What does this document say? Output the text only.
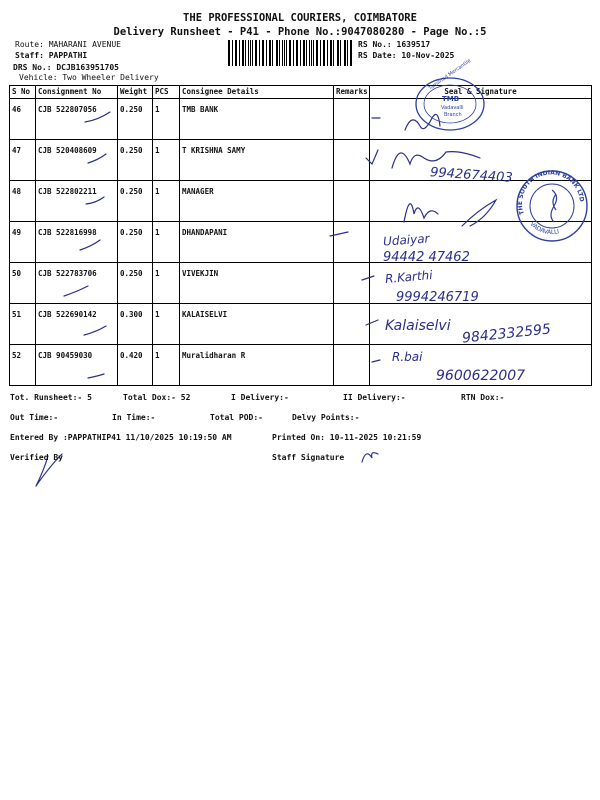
THE PROFESSIONAL COURIERS, COIMBATORE
Delivery Runsheet - P41 - Phone No.:9047080280 - Page No.:5
Route: MAHARANI AVENUE
Staff: PAPPATHI
DRS No.: DCJB163951705
Vehicle: Two Wheeler Delivery
RS No.: 1639517
RS Date: 10-Nov-2025
S No	Consignment No	Weight	PCS	Consignee Details	Remarks	Seal & Signature
46	CJB 522807056	0.250	1	TMB BANK		
47	CJB 520408609	0.250	1	T KRISHNA SAMY		
48	CJB 522802211	0.250	1	MANAGER		
49	CJB 522816998	0.250	1	DHANDAPANI		
50	CJB 522783706	0.250	1	VIVEKJIN		
51	CJB 522690142	0.300	1	KALAISELVI		
52	CJB 90459030	0.420	1	Muralidharan R		
Tamilnad Mercantile
TMB
Vadavalli
Branch
THE SOUTH INDIAN BANK LTD
VADAVALLI
9942674403
Udaiyar
94442 47462
R.Karthi
9994246719
Kalaiselvi 9842332595
R.bai
9600622007
Tot. Runsheet:- 5	Total Dox:- 52	I Delivery:-	II Delivery:-	RTN Dox:-
Out Time:-	In Time:-	Total POD:-	Delvy Points:-
Entered By :PAPPATHIP41 11/10/2025 10:19:50 AM	Printed On: 10-11-2025 10:21:59
Verified By	Staff Signature
